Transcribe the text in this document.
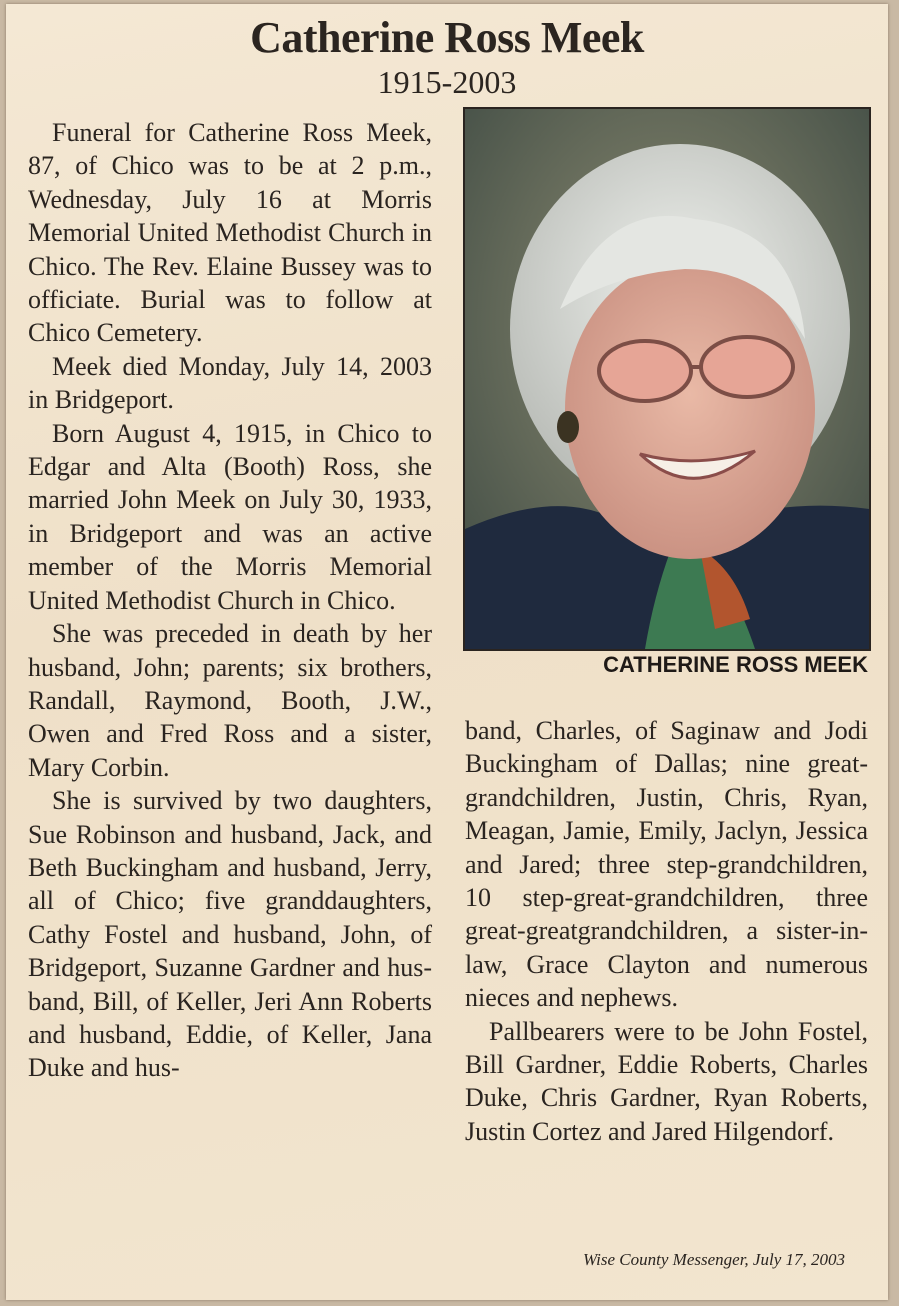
Catherine Ross Meek
1915-2003

Funeral for Catherine Ross Meek, 87, of Chico was to be at 2 p.m., Wednesday, July 16 at Morris Memorial United Methodist Church in Chico. The Rev. Elaine Bussey was to officiate. Burial was to follow at Chico Cemetery.

Meek died Monday, July 14, 2003 in Bridgeport.

Born August 4, 1915, in Chico to Edgar and Alta (Booth) Ross, she married John Meek on July 30, 1933, in Bridgeport and was an active member of the Morris Memorial United Methodist Church in Chico.

She was preceded in death by her husband, John; parents; six brothers, Randall, Raymond, Booth, J.W., Owen and Fred Ross and a sister, Mary Corbin.

She is survived by two daughters, Sue Robinson and husband, Jack, and Beth Buckingham and husband, Jerry, all of Chico; five granddaughters, Cathy Fostel and husband, John, of Bridgeport, Suzanne Gardner and husband, Bill, of Keller, Jeri Ann Roberts and husband, Eddie, of Keller, Jana Duke and hus-

CATHERINE ROSS MEEK

band, Charles, of Saginaw and Jodi Buckingham of Dallas; nine great-grandchildren, Justin, Chris, Ryan, Meagan, Jamie, Emily, Jaclyn, Jessica and Jared; three step-grandchildren, 10 step-great-grandchildren, three great-greatgrandchildren, a sister-in-law, Grace Clayton and numerous nieces and nephews.

Pallbearers were to be John Fostel, Bill Gardner, Eddie Roberts, Charles Duke, Chris Gardner, Ryan Roberts, Justin Cortez and Jared Hilgendorf.

Wise County Messenger, July 17, 2003
